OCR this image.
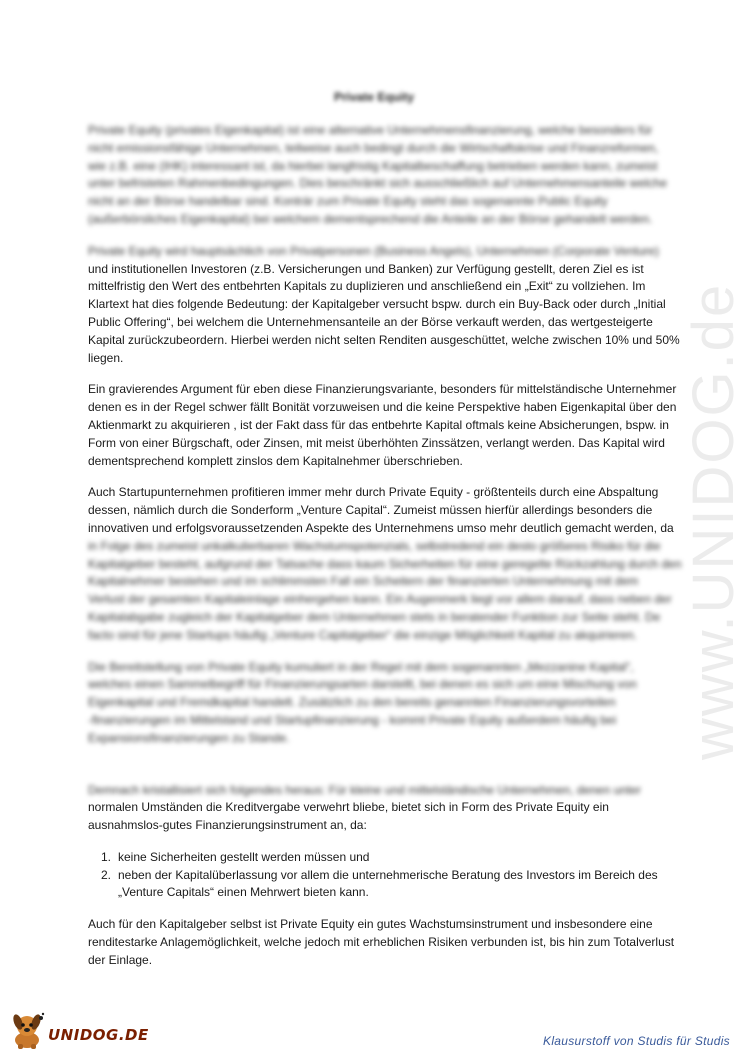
Private Equity
Private Equity (privates Eigenkapital) ist eine alternative Unternehmensfinanzierung, welche besonders für
nicht emissionsfähige Unternehmen, teilweise auch bedingt durch die Wirtschaftskrise und Finanzreformen,
wie z.B. eine (IHK) interessant ist, da hierbei langfristig Kapitalbeschaffung betrieben werden kann, zumeist
unter befristeten Rahmenbedingungen. Dies beschränkt sich ausschließlich auf Unternehmensanteile welche
nicht an der Börse handelbar sind. Kontrár zum Private Equity steht das sogenannte Public Equity
(außerbörsliches Eigenkapital) bei welchem dementsprechend die Anteile an der Börse gehandelt werden.
Private Equity wird hauptsächlich von Privatpersonen (Business Angels), Unternehmen (Corporate Venture)
und institutionellen Investoren (z.B. Versicherungen und Banken) zur Verfügung gestellt, deren Ziel es ist
mittelfristig den Wert des entbehrten Kapitals zu duplizieren und anschließend ein „Exit“ zu vollziehen. Im
Klartext hat dies folgende Bedeutung: der Kapitalgeber versucht bspw. durch ein Buy-Back oder durch „Initial
Public Offering“, bei welchem die Unternehmensanteile an der Börse verkauft werden, das wertgesteigerte
Kapital zurückzubeordern. Hierbei werden nicht selten Renditen ausgeschüttet, welche zwischen 10% und 50%
liegen.
Ein gravierendes Argument für eben diese Finanzierungsvariante, besonders für mittelständische Unternehmer
denen es in der Regel schwer fällt Bonität vorzuweisen und die keine Perspektive haben Eigenkapital über den
Aktienmarkt zu akquirieren , ist der Fakt dass für das entbehrte Kapital oftmals keine Absicherungen, bspw. in
Form von einer Bürgschaft, oder Zinsen, mit meist überhöhten Zinssätzen, verlangt werden. Das Kapital wird
dementsprechend komplett zinslos dem Kapitalnehmer überschrieben.
Auch Startupunternehmen profitieren immer mehr durch Private Equity - größtenteils durch eine Abspaltung
dessen, nämlich durch die Sonderform „Venture Capital“. Zumeist müssen hierfür allerdings besonders die
innovativen und erfolgsvoraussetzenden Aspekte des Unternehmens umso mehr deutlich gemacht werden, da
in Folge des zumeist unkalkulierbaren Wachstumspotenzials, selbstredend ein desto größeres Risiko für die
Kapitalgeber besteht, aufgrund der Tatsache dass kaum Sicherheiten für eine geregelte Rückzahlung durch den
Kapitalnehmer bestehen und im schlimmsten Fall ein Scheitern der finanzierten Unternehmung mit dem
Verlust der gesamten Kapitaleinlage einhergehen kann. Ein Augenmerk liegt vor allem darauf, dass neben der
Kapitalabgabe zugleich der Kapitalgeber dem Unternehmen stets in beratender Funktion zur Seite steht. De
facto sind für jene Startups häufig „Venture Capitalgeber“ die einzige Möglichkeit Kapital zu akquirieren.
Die Bereitstellung von Private Equity kumuliert in der Regel mit dem sogenannten „Mezzanine Kapital“,
welches einen Sammelbegriff für Finanzierungsarten darstellt, bei denen es sich um eine Mischung von
Eigenkapital und Fremdkapital handelt. Zusätzlich zu den bereits genannten Finanzierungsvorteilen
-finanzierungen im Mittelstand und Startupfinanzierung - kommt Private Equity außerdem häufig bei
Expansionsfinanzierungen zu Stande.
Demnach kristallisiert sich folgendes heraus: Für kleine und mittelständische Unternehmen, denen unter
normalen Umständen die Kreditvergabe verwehrt bliebe, bietet sich in Form des Private Equity ein
ausnahmslos-gutes Finanzierungsinstrument an, da:
1. keine Sicherheiten gestellt werden müssen und
2. neben der Kapitalüberlassung vor allem die unternehmerische Beratung des Investors im Bereich des
„Venture Capitals“ einen Mehrwert bieten kann.
Auch für den Kapitalgeber selbst ist Private Equity ein gutes Wachstumsinstrument und insbesondere eine
renditestarke Anlagemöglichkeit, welche jedoch mit erheblichen Risiken verbunden ist, bis hin zum Totalverlust
der Einlage.
www.UNIDOG.de
UNIDOG.DE	Klausurstoff von Studis für Studis
